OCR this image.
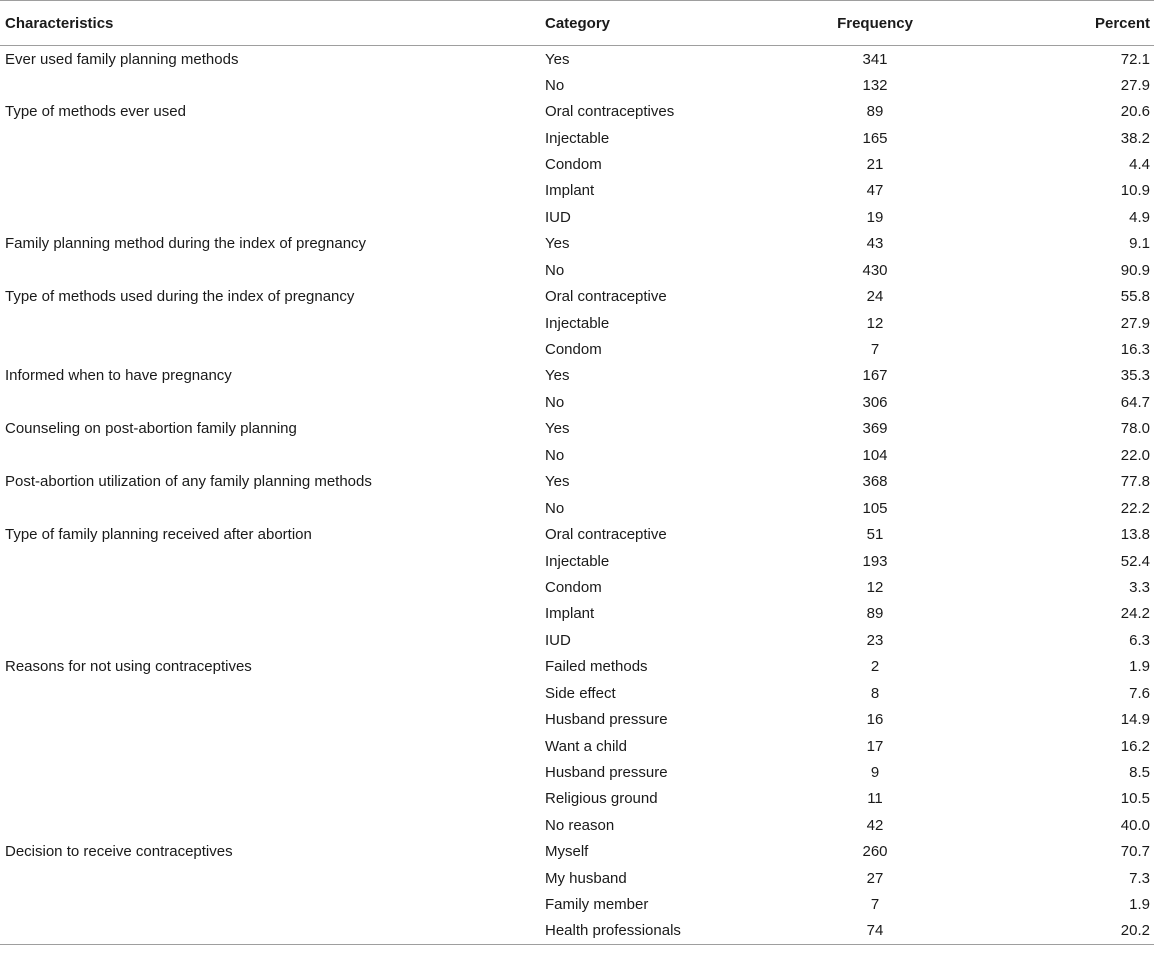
Characteristics	Category	Frequency	Percent
Ever used family planning methods	Yes	341	72.1
	No	132	27.9
Type of methods ever used	Oral contraceptives	89	20.6
	Injectable	165	38.2
	Condom	21	4.4
	Implant	47	10.9
	IUD	19	4.9
Family planning method during the index of pregnancy	Yes	43	9.1
	No	430	90.9
Type of methods used during the index of pregnancy	Oral contraceptive	24	55.8
	Injectable	12	27.9
	Condom	7	16.3
Informed when to have pregnancy	Yes	167	35.3
	No	306	64.7
Counseling on post-abortion family planning	Yes	369	78.0
	No	104	22.0
Post-abortion utilization of any family planning methods	Yes	368	77.8
	No	105	22.2
Type of family planning received after abortion	Oral contraceptive	51	13.8
	Injectable	193	52.4
	Condom	12	3.3
	Implant	89	24.2
	IUD	23	6.3
Reasons for not using contraceptives	Failed methods	2	1.9
	Side effect	8	7.6
	Husband pressure	16	14.9
	Want a child	17	16.2
	Husband pressure	9	8.5
	Religious ground	11	10.5
	No reason	42	40.0
Decision to receive contraceptives	Myself	260	70.7
	My husband	27	7.3
	Family member	7	1.9
	Health professionals	74	20.2
